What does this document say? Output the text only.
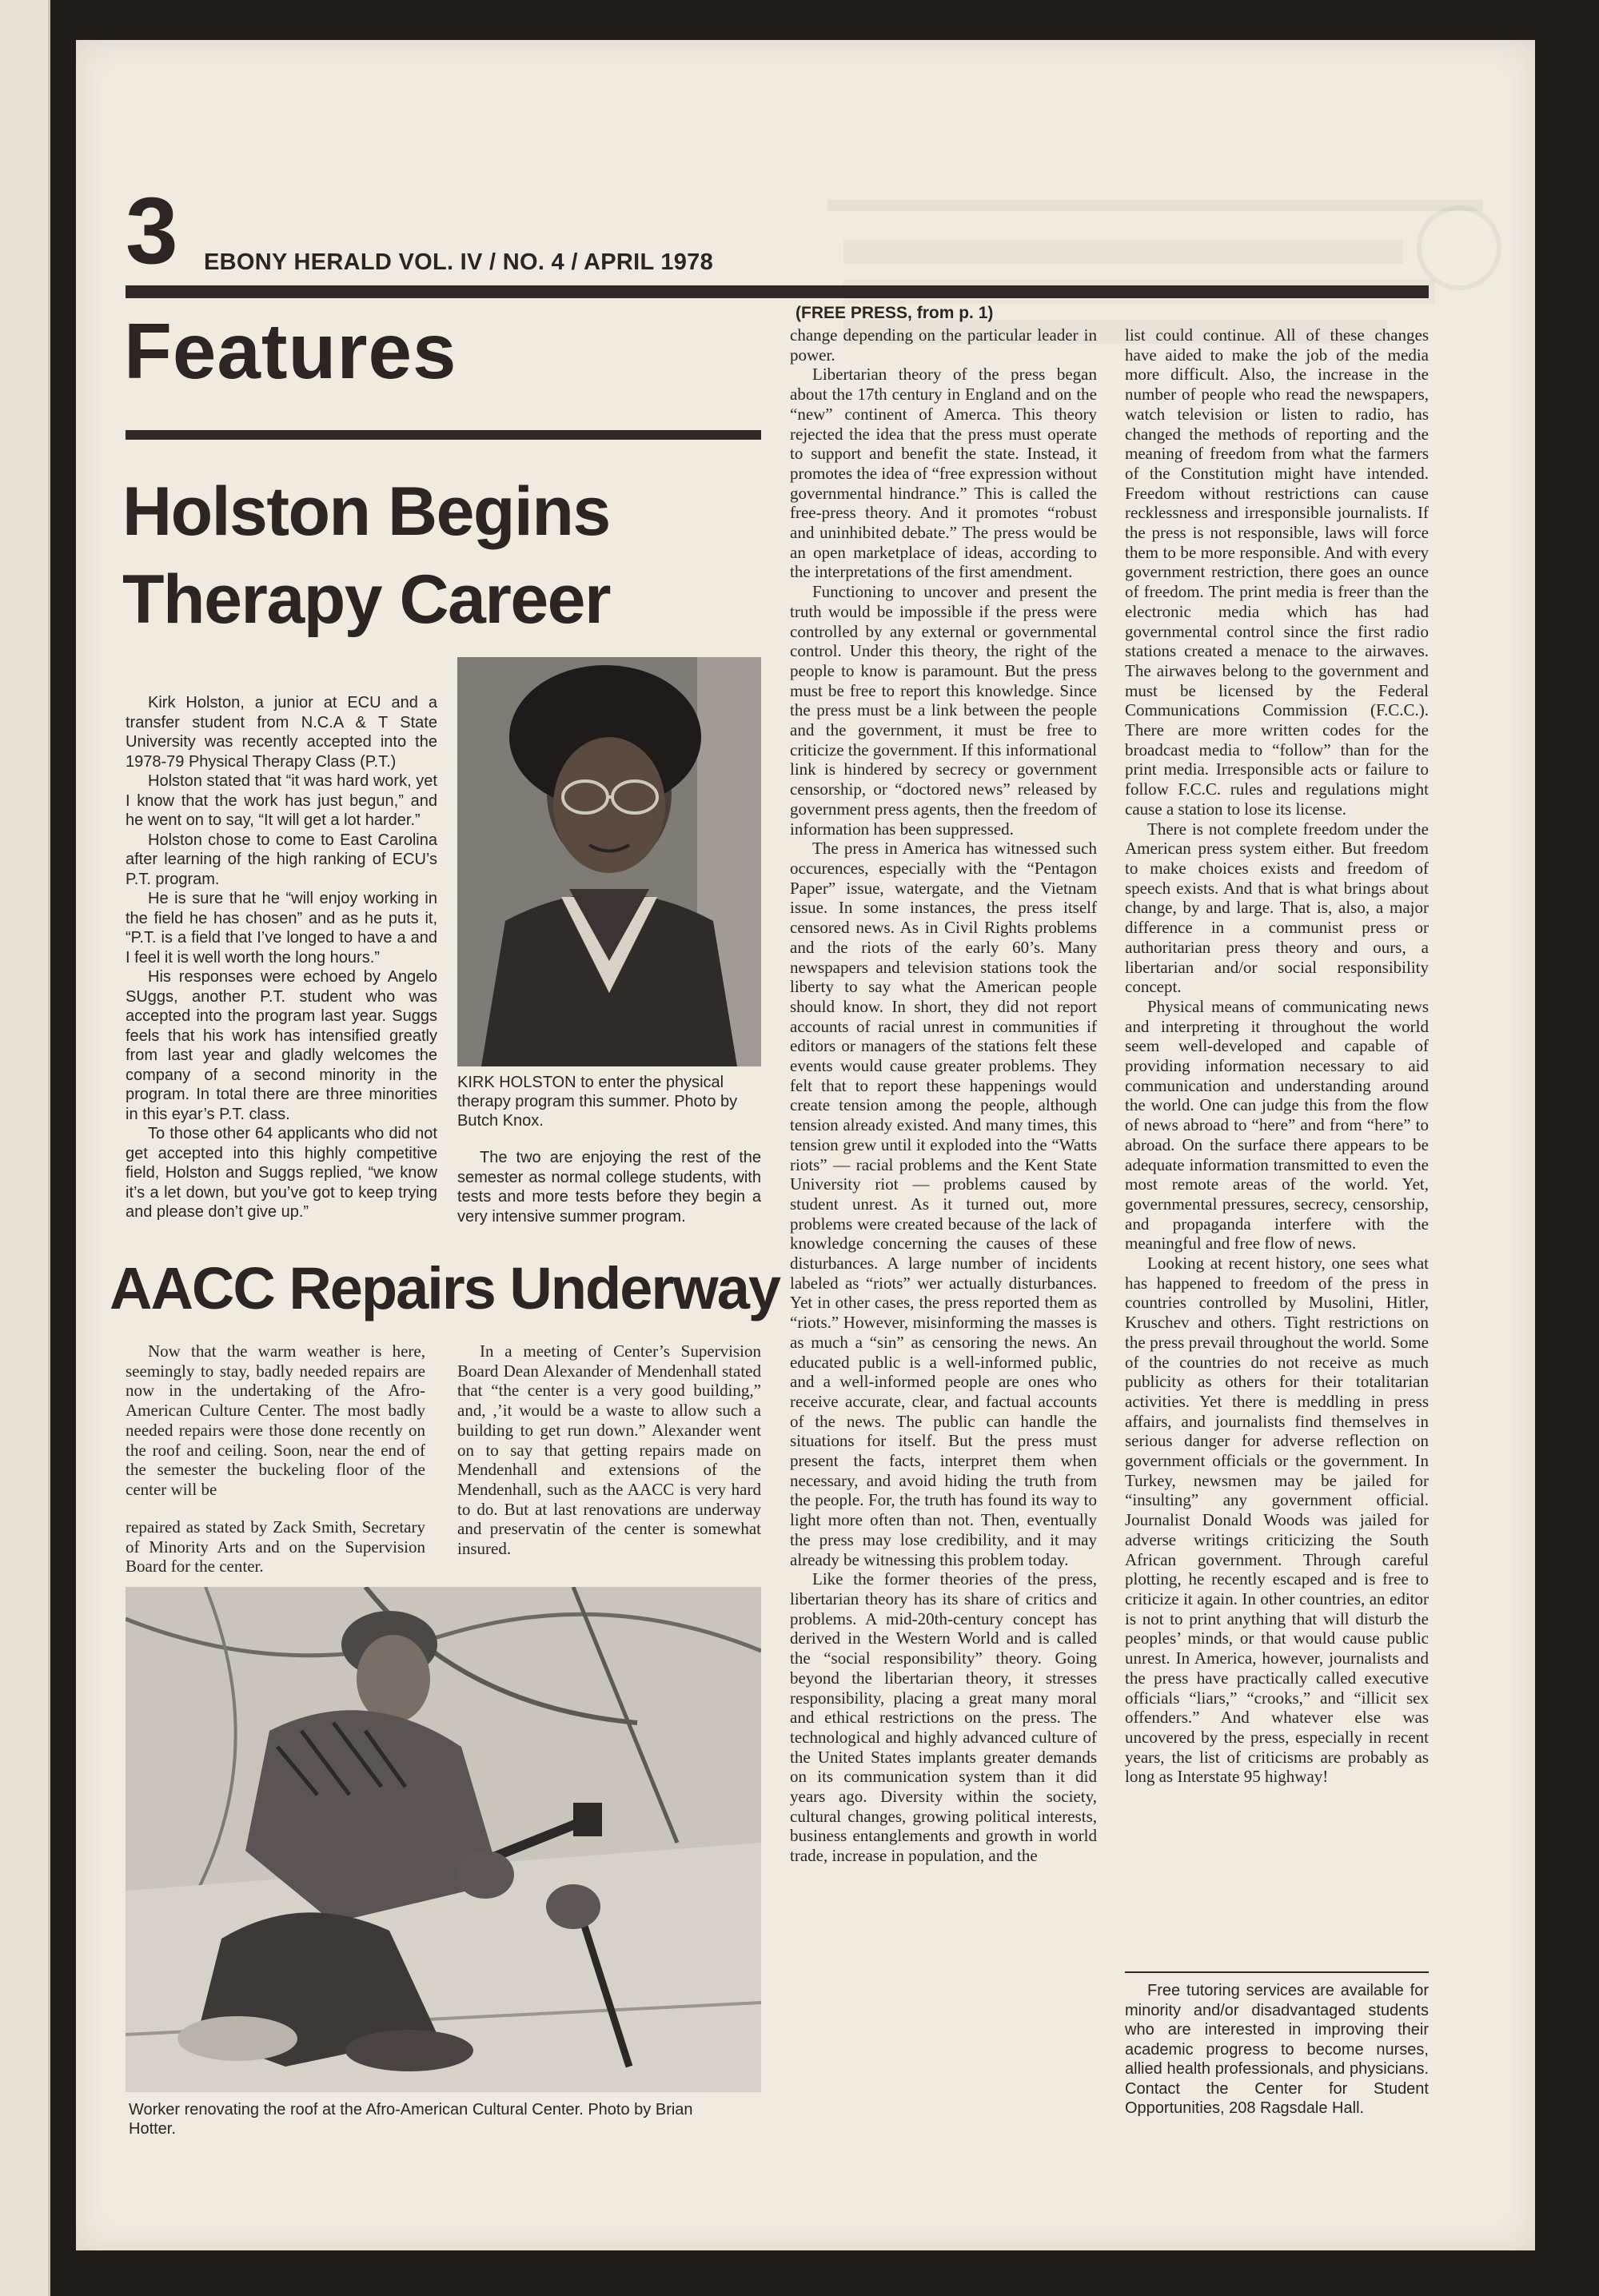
3 EBONY HERALD VOL. IV / NO. 4 / APRIL 1978
Features
Holston Begins Therapy Career

Kirk Holston, a junior at ECU and a transfer student from N.C.A & T State University was recently accepted into the 1978-79 Physical Therapy Class (P.T.)

Holston stated that “it was hard work, yet I know that the work has just begun,” and he went on to say, “It will get a lot harder.”

Holston chose to come to East Carolina after learning of the high ranking of ECU’s P.T. program.

He is sure that he “will enjoy working in the field he has chosen” and as he puts it, “P.T. is a field that I’ve longed to have a and I feel it is well worth the long hours.”

His responses were echoed by Angelo SUggs, another P.T. student who was accepted into the program last year. Suggs feels that his work has intensified greatly from last year and gladly welcomes the company of a second minority in the program. In total there are three minorities in this eyar’s P.T. class.

To those other 64 applicants who did not get accepted into this highly competitive field, Holston and Suggs replied, “we know it’s a let down, but you’ve got to keep trying and please don’t give up.”

KIRK HOLSTON to enter the physical therapy program this summer. Photo by Butch Knox.

The two are enjoying the rest of the semester as normal college students, with tests and more tests before they begin a very intensive summer program.

AACC Repairs Underway

Now that the warm weather is here, seemingly to stay, badly needed repairs are now in the undertaking of the Afro-American Culture Center. The most badly needed repairs were those done recently on the roof and ceiling. Soon, near the end of the semester the buckeling floor of the center will be

repaired as stated by Zack Smith, Secretary of Minority Arts and on the Supervision Board for the center.

In a meeting of Center’s Supervision Board Dean Alexander of Mendenhall stated that “the center is a very good building,” and, ,’it would be a waste to allow such a building to get run down.” Alexander went on to say that getting repairs made on Mendenhall and extensions of the Mendenhall, such as the AACC is very hard to do. But at last renovations are underway and preservatin of the center is somewhat insured.

Worker renovating the roof at the Afro-American Cultural Center. Photo by Brian Hotter.
(FREE PRESS, from p. 1)

change depending on the particular leader in power.

Libertarian theory of the press began about the 17th century in England and on the “new” continent of Amerca. This theory rejected the idea that the press must operate to support and benefit the state. Instead, it promotes the idea of “free expression without governmental hindrance.” This is called the free-press theory. And it promotes “robust and uninhibited debate.” The press would be an open marketplace of ideas, according to the interpretations of the first amendment.

Functioning to uncover and present the truth would be impossible if the press were controlled by any external or governmental control. Under this theory, the right of the people to know is paramount. But the press must be free to report this knowledge. Since the press must be a link between the people and the government, it must be free to criticize the government. If this informational link is hindered by secrecy or government censorship, or “doctored news” released by government press agents, then the freedom of information has been suppressed.

The press in America has witnessed such occurences, especially with the “Pentagon Paper” issue, watergate, and the Vietnam issue. In some instances, the press itself censored news. As in Civil Rights problems and the riots of the early 60’s. Many newspapers and television stations took the liberty to say what the American people should know. In short, they did not report accounts of racial unrest in communities if editors or managers of the stations felt these events would cause greater problems. They felt that to report these happenings would create tension among the people, although tension already existed. And many times, this tension grew until it exploded into the “Watts riots” — racial problems and the Kent State University riot — problems caused by student unrest. As it turned out, more problems were created because of the lack of knowledge concerning the causes of these disturbances. A large number of incidents labeled as “riots” wer actually disturbances. Yet in other cases, the press reported them as “riots.” However, misinforming the masses is as much a “sin” as censoring the news. An educated public is a well-informed public, and a well-informed people are ones who receive accurate, clear, and factual accounts of the news. The public can handle the situations for itself. But the press must present the facts, interpret them when necessary, and avoid hiding the truth from the people. For, the truth has found its way to light more often than not. Then, eventually the press may lose credibility, and it may already be witnessing this problem today.

Like the former theories of the press, libertarian theory has its share of critics and problems. A mid-20th-century concept has derived in the Western World and is called the “social responsibility” theory. Going beyond the libertarian theory, it stresses responsibility, placing a great many moral and ethical restrictions on the press. The technological and highly advanced culture of the United States implants greater demands on its communication system than it did years ago. Diversity within the society, cultural changes, growing political interests, business entanglements and growth in world trade, increase in population, and the

list could continue. All of these changes have aided to make the job of the media more difficult. Also, the increase in the number of people who read the newspapers, watch television or listen to radio, has changed the methods of reporting and the meaning of freedom from what the farmers of the Constitution might have intended. Freedom without restrictions can cause recklessness and irresponsible journalists. If the press is not responsible, laws will force them to be more responsible. And with every government restriction, there goes an ounce of freedom. The print media is freer than the electronic media which has had governmental control since the first radio stations created a menace to the airwaves. The airwaves belong to the government and must be licensed by the Federal Communications Commission (F.C.C.). There are more written codes for the broadcast media to “follow” than for the print media. Irresponsible acts or failure to follow F.C.C. rules and regulations might cause a station to lose its license.

There is not complete freedom under the American press system either. But freedom to make choices exists and freedom of speech exists. And that is what brings about change, by and large. That is, also, a major difference in a communist press or authoritarian press theory and ours, a libertarian and/or social responsibility concept.

Physical means of communicating news and interpreting it throughout the world seem well-developed and capable of providing information necessary to aid communication and understanding around the world. One can judge this from the flow of news abroad to “here” and from “here” to abroad. On the surface there appears to be adequate information transmitted to even the most remote areas of the world. Yet, governmental pressures, secrecy, censorship, and propaganda interfere with the meaningful and free flow of news.

Looking at recent history, one sees what has happened to freedom of the press in countries controlled by Musolini, Hitler, Kruschev and others. Tight restrictions on the press prevail throughout the world. Some of the countries do not receive as much publicity as others for their totalitarian activities. Yet there is meddling in press affairs, and journalists find themselves in serious danger for adverse reflection on government officials or the government. In Turkey, newsmen may be jailed for “insulting” any government official. Journalist Donald Woods was jailed for adverse writings criticizing the South African government. Through careful plotting, he recently escaped and is free to criticize it again. In other countries, an editor is not to print anything that will disturb the peoples’ minds, or that would cause public unrest. In America, however, journalists and the press have practically called executive officials “liars,” “crooks,” and “illicit sex offenders.” And whatever else was uncovered by the press, especially in recent years, the list of criticisms are probably as long as Interstate 95 highway!

Free tutoring services are available for minority and/or disadvantaged students who are interested in improving their academic progress to become nurses, allied health professionals, and physicians. Contact the Center for Student Opportunities, 208 Ragsdale Hall.
